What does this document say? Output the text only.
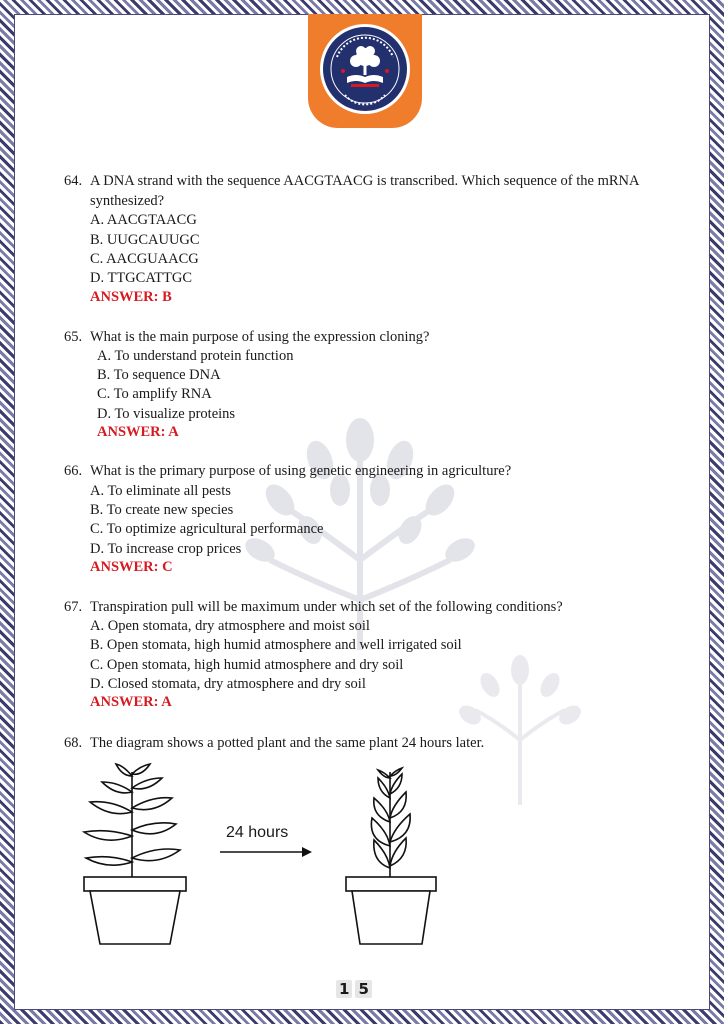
64. A DNA strand with the sequence AACGTAACG is transcribed. Which sequence of the mRNA
synthesized?
A. AACGTAACG
B. UUGCAUUGC
C. AACGUAACG
D. TTGCATTGC
ANSWER: B
65. What is the main purpose of using the expression cloning?
A. To understand protein function
B. To sequence DNA
C. To amplify RNA
D. To visualize proteins
ANSWER: A
66. What is the primary purpose of using genetic engineering in agriculture?
A. To eliminate all pests
B. To create new species
C. To optimize agricultural performance
D. To increase crop prices
ANSWER: C
67. Transpiration pull will be maximum under which set of the following conditions?
A. Open stomata, dry atmosphere and moist soil
B. Open stomata, high humid atmosphere and well irrigated soil
C. Open stomata, high humid atmosphere and dry soil
D. Closed stomata, dry atmosphere and dry soil
ANSWER: A
68. The diagram shows a potted plant and the same plant 24 hours later.
24 hours
1 5
